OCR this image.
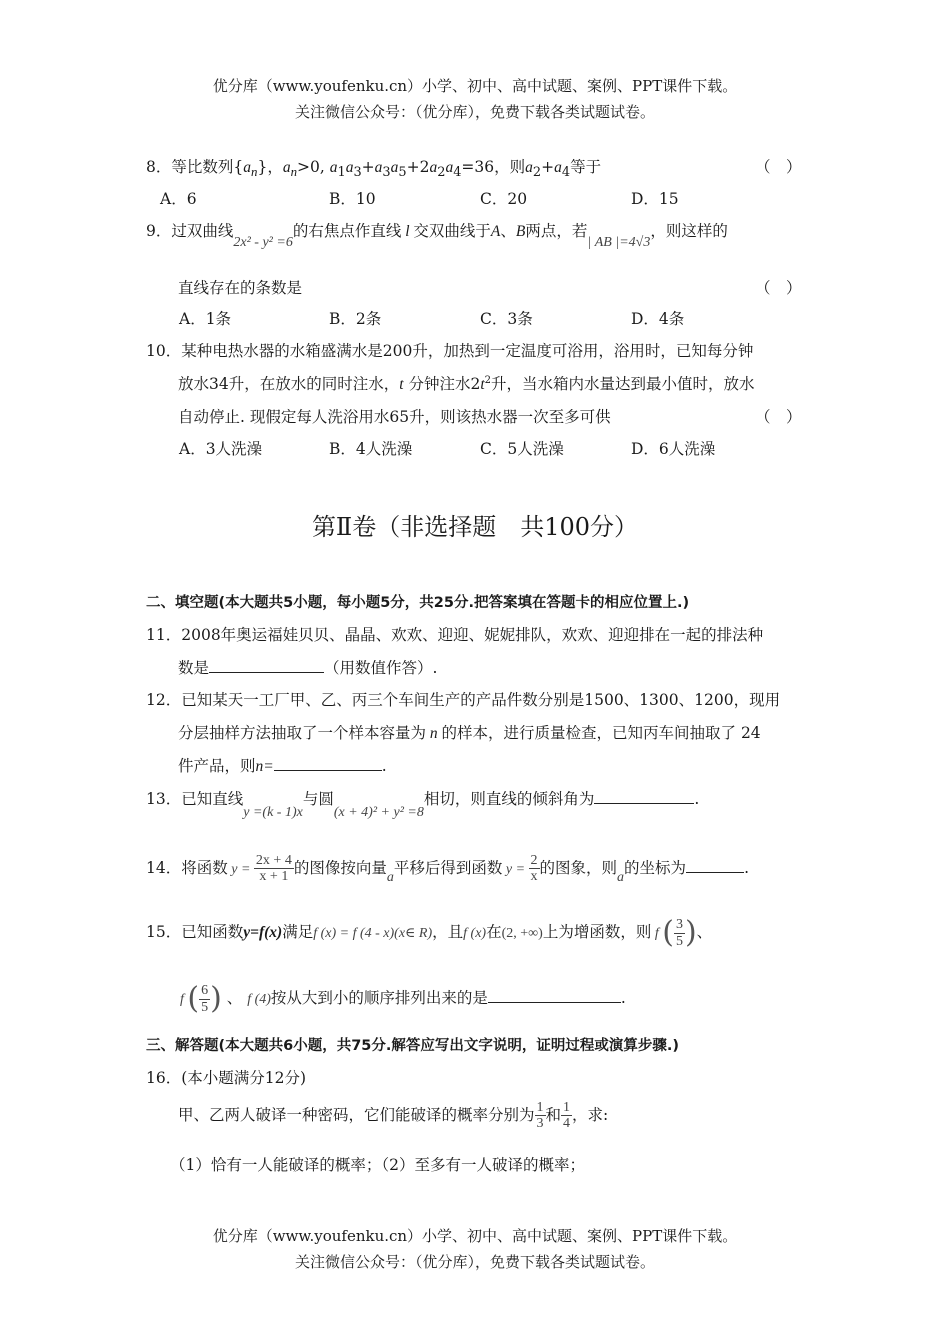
优分库（www.youfenku.cn）小学、初中、高中试题、案例、PPT课件下载。
关注微信公众号：（优分库），免费下载各类试题试卷。
8．等比数列$\{a_n\}$，$a_n>0$, $a_1a_3+a_3a_5+2a_2a_4=36$，则$a_2+a_4$等于	（　）
A．6	B．10	C．20	D．15
9．过双曲线2x² - y² =6的右焦点作直线 l 交双曲线于A、B两点，若| AB |=4√3，则这样的
直线存在的条数是	（　）
A．1条	B．2条	C．3条	D．4条
10．某种电热水器的水箱盛满水是200升，加热到一定温度可浴用，浴用时，已知每分钟
放水34升，在放水的同时注水，t 分钟注水$2t^2$升，当水箱内水量达到最小值时，放水
自动停止. 现假定每人洗浴用水65升，则该热水器一次至多可供	（　）
A．3人洗澡	B．4人洗澡	C．5人洗澡	D．6人洗澡
第Ⅱ卷（非选择题　共100分）
二、填空题(本大题共5小题，每小题5分，共25分.把答案填在答题卡的相应位置上.)
11．2008年奥运福娃贝贝、晶晶、欢欢、迎迎、妮妮排队，欢欢、迎迎排在一起的排法种
数是	（用数值作答）.
12．已知某天一工厂甲、乙、丙三个车间生产的产品件数分别是1500、1300、1200，现用
分层抽样方法抽取了一个样本容量为 n 的样本，进行质量检查，已知丙车间抽取了 24
件产品，则n=	.
13．已知直线y =(k - 1)x与圆(x + 4)² + y² =8相切，则直线的倾斜角为	.
14．将函数 $y = \frac{2x + 4}{x + 1}$ 的图像按向量a平移后得到函数 $y = \frac{2}{x}$ 的图象，则a的坐标为	.
15．已知函数y=f(x)满足f (x) = f (4 - x)(x∈ R)，且f (x)在(2, +∞)上为增函数，则 f ( $\frac{3}{5}$ )、
f ( $\frac{6}{5}$ ) 、 f (4)按从大到小的顺序排列出来的是	.
三、解答题(本大题共6小题，共75分.解答应写出文字说明，证明过程或演算步骤.)
16．(本小题满分12分)
甲、乙两人破译一种密码，它们能破译的概率分别为 $\frac{1}{3}$ 和 $\frac{1}{4}$ ，求:
（1）恰有一人能破译的概率；（2）至多有一人破译的概率；
优分库（www.youfenku.cn）小学、初中、高中试题、案例、PPT课件下载。
关注微信公众号：（优分库），免费下载各类试题试卷。
